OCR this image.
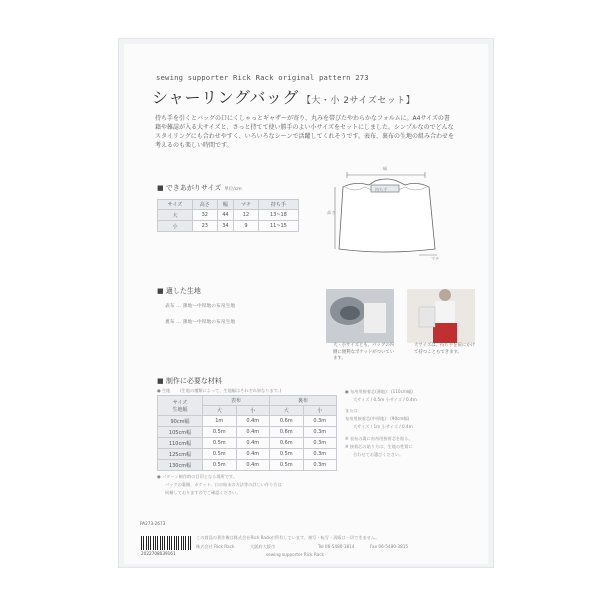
sewing supporter Rick Rack original pattern 273
シャーリングバッグ 【大・小 2サイズセット】
持ち手を引くとバッグの口にくしゃっとギャザーが寄り、丸みを帯びたやわらかなフォルムに。A4サイズの書籍や雑誌が入る大サイズと、さっと持てて使い勝手のよい小サイズをセットにしました。シンプルなのでどんなスタイリングにも合わせやすく、いろいろなシーンで活躍してくれそうです。表布、裏布の生地の組み合わせを考えるのも楽しい時間です。
■ できあがりサイズ 単位/cm
サイズ	高さ	幅	マチ	持ち手
大	32	44	12	13~18
小	23	34	9	11~15
幅
持ち手
高さ
マチ
■ 適した生地
表布 … 薄地～中厚地の布帛生地
裏布 … 薄地～中厚地の布帛生地
大・小サイズとも、バッグの内側に便利なポケットがついています。
大サイズは、持ち手を肩にかけて持つこともできます。
■ 制作に必要な材料
● 生地 (生地の種類によって、生地幅はそれぞれ異なります。)
サイズ
生地幅	表布		裏布	
	大	小	大	小
90cm幅	1m	0.4m	0.6m	0.3m
105cm幅	0.5m	0.4m	0.6m	0.3m
110cm幅	0.5m	0.4m	0.6m	0.3m
125cm幅	0.5m	0.4m	0.5m	0.3m
130cm幅	0.5m	0.4m	0.5m	0.3m
● パターン制作時の目印となる場所です。
バッグの裏側、ポケット、口の始末の方法等の詳しい作り方は
同梱しておりますのでご確認ください。
● 布帛用接着芯(薄地)：(110cm幅)
大サイズ / 0.5m 小サイズ / 0.4m
または
布帛用接着芯(中厚地)：(90cm幅)
大サイズ / 1m 小サイズ / 0.4m
※ 表布の裏に布帛用接着芯を貼る。
※ 接着芯の貼り方は、生地の性質に
合わせてお選びください。
PA273-2673
この商品の著作権は株式会社Rick Rackが所有しています。複写・転写・再販は一切できません。
株式会社 Rick Rack	大阪府大阪市	Tel 06-5480-3814	Fax 06-5480-3815
sewing supporter Rick Rack
2022708039161
